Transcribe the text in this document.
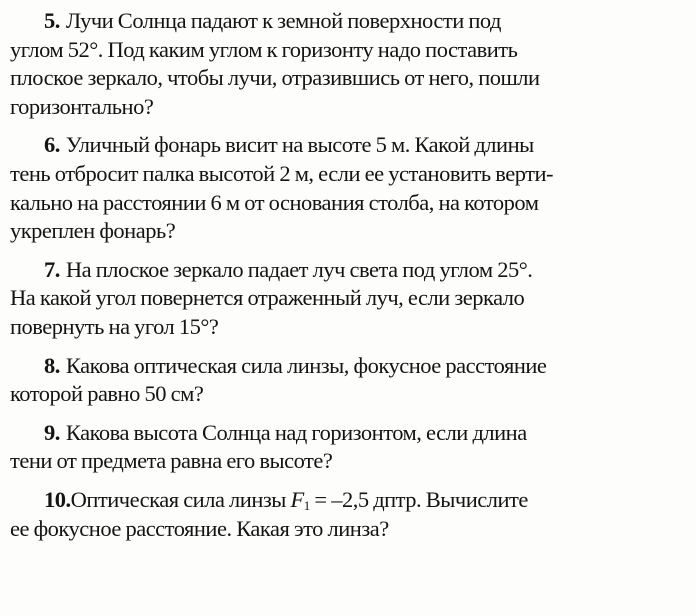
5. Лучи Солнца падают к земной поверхности под
углом 52°. Под каким углом к горизонту надо поставить
плоское зеркало, чтобы лучи, отразившись от него, пошли
горизонтально?
6. Уличный фонарь висит на высоте 5 м. Какой длины
тень отбросит палка высотой 2 м, если ее установить верти-
кально на расстоянии 6 м от основания столба, на котором
укреплен фонарь?
7. На плоское зеркало падает луч света под углом 25°.
На какой угол повернется отраженный луч, если зеркало
повернуть на угол 15°?
8. Какова оптическая сила линзы, фокусное расстояние
которой равно 50 см?
9. Какова высота Солнца над горизонтом, если длина
тени от предмета равна его высоте?
10.Оптическая сила линзы $F_1 = -2,5$ дптр. Вычислите
ее фокусное расстояние. Какая это линза?
